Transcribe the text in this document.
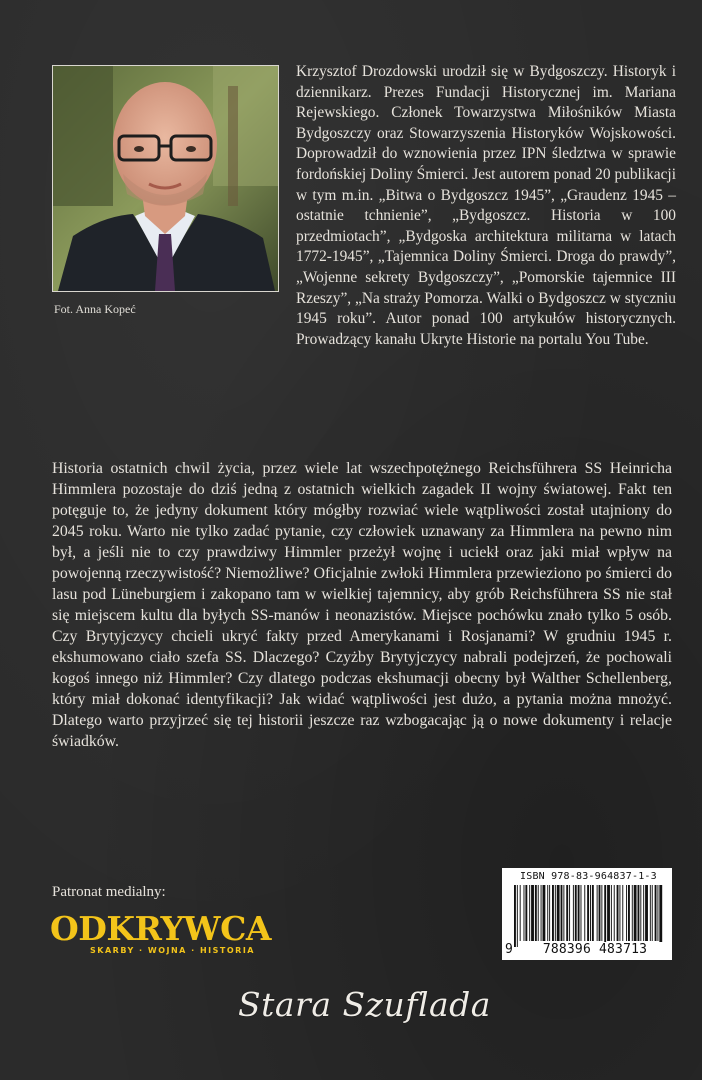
Fot. Anna Kopeć

Krzysztof Drozdowski urodził się w Bydgoszczy. Historyk i dziennikarz. Prezes Fundacji Historycznej im. Mariana Rejewskiego. Członek Towarzystwa Miłośników Miasta Bydgoszczy oraz Stowarzyszenia Historyków Wojskowości. Doprowadził do wznowienia przez IPN śledztwa w sprawie fordońskiej Doliny Śmierci. Jest autorem ponad 20 publikacji w tym m.in. „Bitwa o Bydgoszcz 1945”, „Graudenz 1945 – ostatnie tchnienie”, „Bydgoszcz. Historia w 100 przedmiotach”, „Bydgoska architektura militarna w latach 1772-1945”, „Tajemnica Doliny Śmierci. Droga do prawdy”, „Wojenne sekrety Bydgoszczy”, „Pomorskie tajemnice III Rzeszy”, „Na straży Pomorza. Walki o Bydgoszcz w styczniu 1945 roku”. Autor ponad 100 artykułów historycznych. Prowadzący kanału Ukryte Historie na portalu You Tube.

Historia ostatnich chwil życia, przez wiele lat wszechpotężnego Reichsführera SS Heinricha Himmlera pozostaje do dziś jedną z ostatnich wielkich zagadek II wojny światowej. Fakt ten potęguje to, że jedyny dokument który mógłby rozwiać wiele wątpliwości został utajniony do 2045 roku. Warto nie tylko zadać pytanie, czy człowiek uznawany za Himmlera na pewno nim był, a jeśli nie to czy prawdziwy Himmler przeżył wojnę i uciekł oraz jaki miał wpływ na powojenną rzeczywistość? Niemożliwe? Oficjalnie zwłoki Himmlera przewieziono po śmierci do lasu pod Lüneburgiem i zakopano tam w wielkiej tajemnicy, aby grób Reichsführera SS nie stał się miejscem kultu dla byłych SS-manów i neonazistów. Miejsce pochówku znało tylko 5 osób. Czy Brytyjczycy chcieli ukryć fakty przed Amerykanami i Rosjanami? W grudniu 1945 r. ekshumowano ciało szefa SS. Dlaczego? Czyżby Brytyjczycy nabrali podejrzeń, że pochowali kogoś innego niż Himmler? Czy dlatego podczas ekshumacji obecny był Walther Schellenberg, który miał dokonać identyfikacji? Jak widać wątpliwości jest dużo, a pytania można mnożyć. Dlatego warto przyjrzeć się tej historii jeszcze raz wzbogacając ją o nowe dokumenty i relacje świadków.

Patronat medialny:
ODKRYWCA
SKARBY · WOJNA · HISTORIA
ISBN 978-83-964837-1-3
9	788396 483713
Stara Szuflada
